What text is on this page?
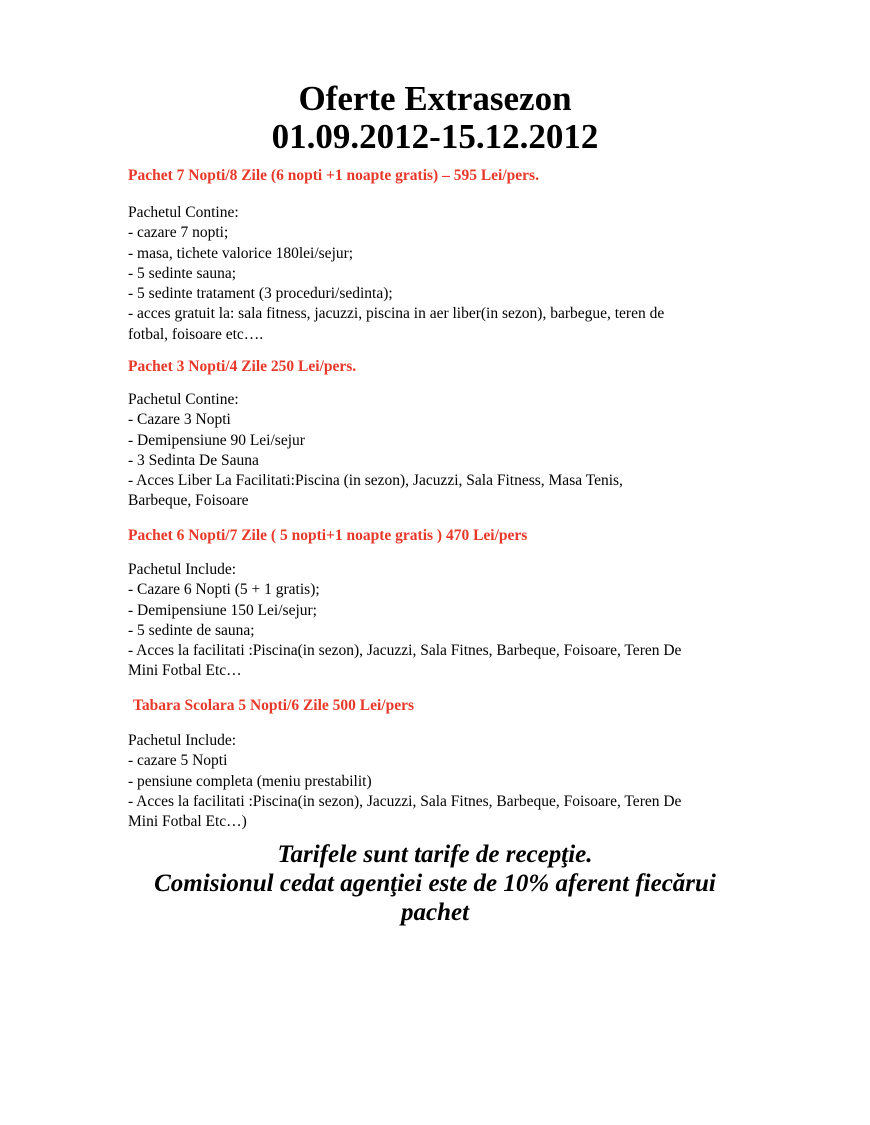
Oferte Extrasezon
01.09.2012-15.12.2012
Pachet 7 Nopti/8 Zile (6 nopti +1 noapte gratis) – 595 Lei/pers.
Pachetul Contine:
- cazare 7 nopti;
- masa, tichete valorice 180lei/sejur;
- 5 sedinte sauna;
- 5 sedinte tratament (3 proceduri/sedinta);
- acces gratuit la: sala fitness, jacuzzi, piscina in aer liber(in sezon), barbegue, teren de
fotbal, foisoare etc….
Pachet 3 Nopti/4 Zile 250 Lei/pers.
Pachetul Contine:
- Cazare 3 Nopti
- Demipensiune 90 Lei/sejur
- 3 Sedinta De Sauna
- Acces Liber La Facilitati:Piscina (in sezon), Jacuzzi, Sala Fitness, Masa Tenis,
Barbeque, Foisoare
Pachet 6 Nopti/7 Zile ( 5 nopti+1 noapte gratis ) 470 Lei/pers
Pachetul Include:
- Cazare 6 Nopti (5 + 1 gratis);
- Demipensiune 150 Lei/sejur;
- 5 sedinte de sauna;
- Acces la facilitati :Piscina(in sezon), Jacuzzi, Sala Fitnes, Barbeque, Foisoare, Teren De
Mini Fotbal Etc…
Tabara Scolara 5 Nopti/6 Zile 500 Lei/pers
Pachetul Include:
- cazare 5 Nopti
- pensiune completa (meniu prestabilit)
- Acces la facilitati :Piscina(in sezon), Jacuzzi, Sala Fitnes, Barbeque, Foisoare, Teren De
Mini Fotbal Etc…)
Tarifele sunt tarife de recepţie.
Comisionul cedat agenţiei este de 10% aferent fiecărui
pachet
